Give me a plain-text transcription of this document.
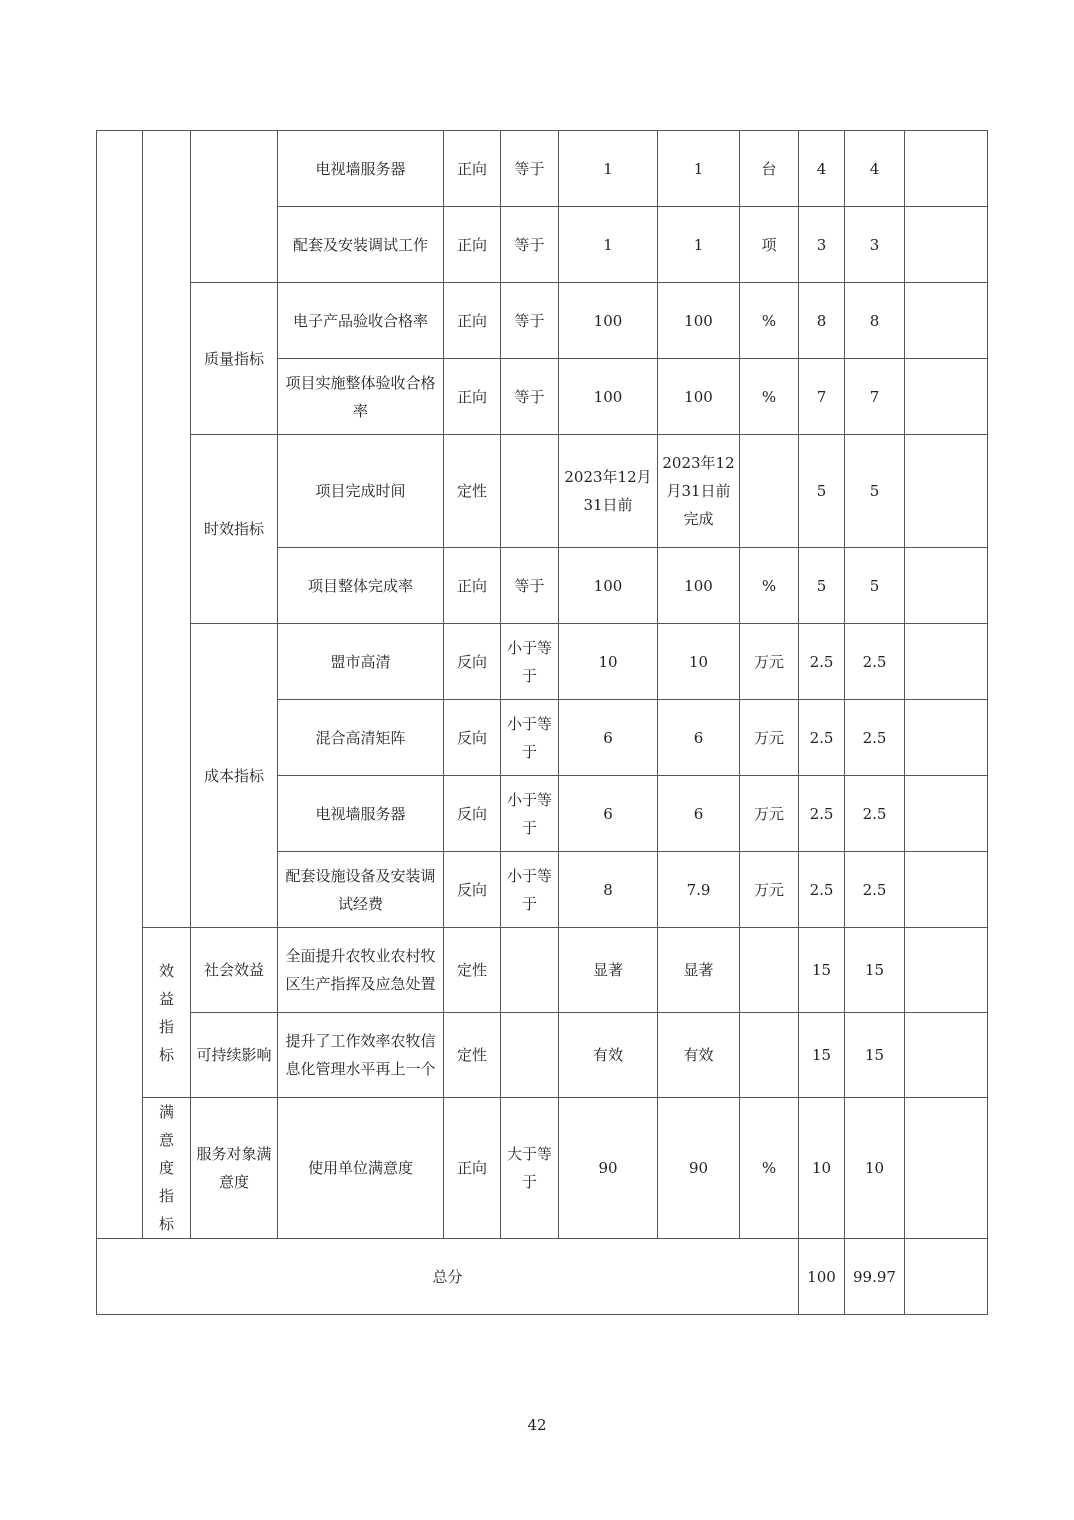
			电视墙服务器	正向	等于	1	1	台	4	4	
			配套及安装调试工作	正向	等于	1	1	项	3	3	
		质量指标	电子产品验收合格率	正向	等于	100	100	%	8	8	
			项目实施整体验收合格率	正向	等于	100	100	%	7	7	
		时效指标	项目完成时间	定性		2023年12月31日前	2023年12月31日前完成		5	5	
			项目整体完成率	正向	等于	100	100	%	5	5	
		成本指标	盟市高清	反向	小于等于	10	10	万元	2.5	2.5	
			混合高清矩阵	反向	小于等于	6	6	万元	2.5	2.5	
			电视墙服务器	反向	小于等于	6	6	万元	2.5	2.5	
			配套设施设备及安装调试经费	反向	小于等于	8	7.9	万元	2.5	2.5	
	效益指标	社会效益	全面提升农牧业农村牧区生产指挥及应急处置	定性		显著	显著		15	15	
		可持续影响	提升了工作效率农牧信息化管理水平再上一个	定性		有效	有效		15	15	
	满意度指标	服务对象满意度	使用单位满意度	正向	大于等于	90	90	%	10	10	
总分									100	99.97	
42
